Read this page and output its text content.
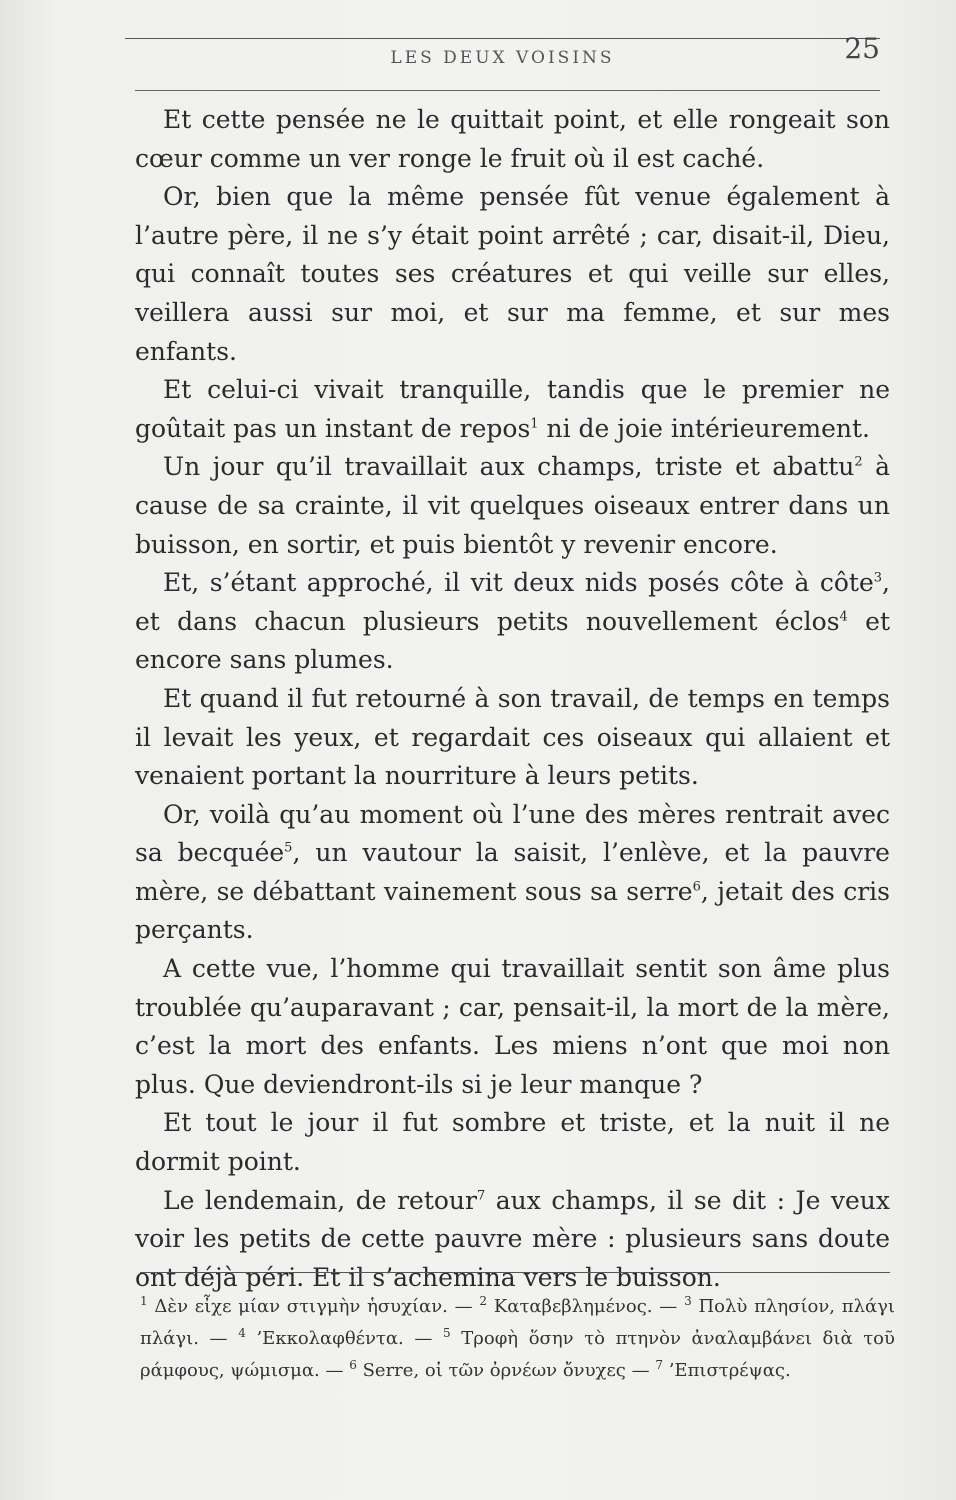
LES DEUX VOISINS	25

Et cette pensée ne le quittait point, et elle rongeait son cœur comme un ver ronge le fruit où il est caché.

Or, bien que la même pensée fût venue également à l’autre père, il ne s’y était point arrêté ; car, disait-il, Dieu, qui connaît toutes ses créatures et qui veille sur elles, veillera aussi sur moi, et sur ma femme, et sur mes enfants.

Et celui-ci vivait tranquille, tandis que le premier ne goûtait pas un instant de repos$^1$ ni de joie intérieurement.

Un jour qu’il travaillait aux champs, triste et abattu$^2$ à cause de sa crainte, il vit quelques oiseaux entrer dans un buisson, en sortir, et puis bientôt y revenir encore.

Et, s’étant approché, il vit deux nids posés côte à côte$^3$, et dans chacun plusieurs petits nouvellement éclos$^4$ et encore sans plumes.

Et quand il fut retourné à son travail, de temps en temps il levait les yeux, et regardait ces oiseaux qui allaient et venaient portant la nourriture à leurs petits.

Or, voilà qu’au moment où l’une des mères rentrait avec sa becquée$^5$, un vautour la saisit, l’enlève, et la pauvre mère, se débattant vainement sous sa serre$^6$, jetait des cris perçants.

A cette vue, l’homme qui travaillait sentit son âme plus troublée qu’auparavant ; car, pensait-il, la mort de la mère, c’est la mort des enfants. Les miens n’ont que moi non plus. Que deviendront-ils si je leur manque ?

Et tout le jour il fut sombre et triste, et la nuit il ne dormit point.

Le lendemain, de retour$^7$ aux champs, il se dit : Je veux voir les petits de cette pauvre mère : plusieurs sans doute ont déjà péri. Et il s’achemina vers le buisson.

$^1$ Δὲν εἶχε μίαν στιγμὴν ἡσυχίαν. — $^2$ Καταβεβλημένος. — $^3$ Πολὺ πλησίον, πλάγι πλάγι. — $^4$ ’Εκκολαφθέντα. — $^5$ Τροφὴ ὅσην τὸ πτηνὸν ἀναλαμβάνει διὰ τοῦ ράμφους, ψώμισμα. — $^6$ Serre, οἱ τῶν ὀρνέων ὄνυχες — $^7$ ’Επιστρέψας.
